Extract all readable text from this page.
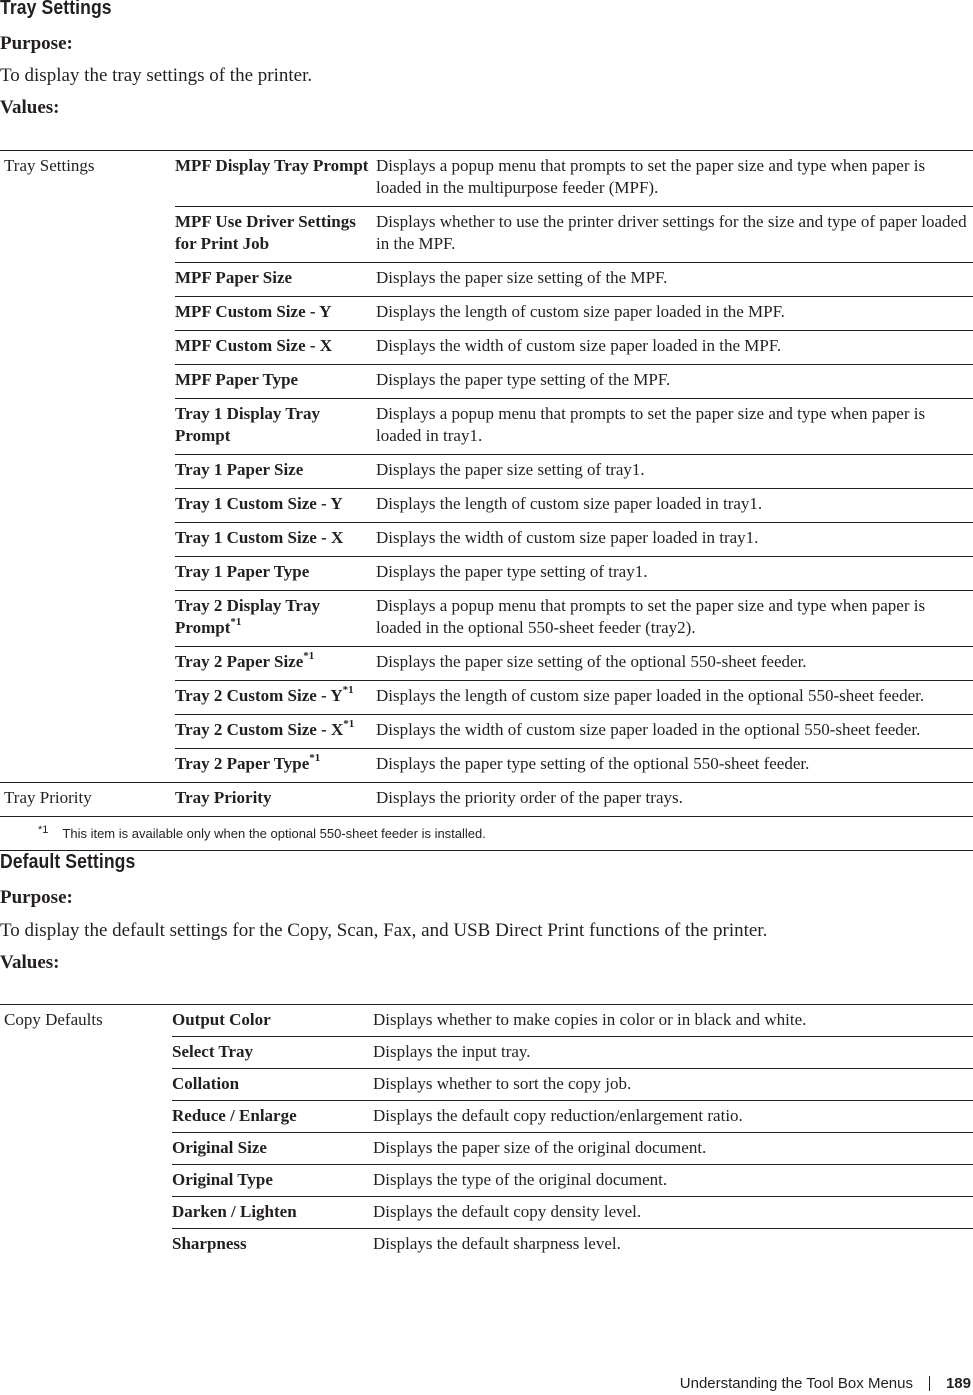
Tray Settings

Purpose:

To display the tray settings of the printer.

Values:

Tray Settings	MPF Display Tray Prompt	Displays a popup menu that prompts to set the paper size and type when paper is loaded in the multipurpose feeder (MPF).
	MPF Use Driver Settings for Print Job	Displays whether to use the printer driver settings for the size and type of paper loaded in the MPF.
	MPF Paper Size	Displays the paper size setting of the MPF.
	MPF Custom Size - Y	Displays the length of custom size paper loaded in the MPF.
	MPF Custom Size - X	Displays the width of custom size paper loaded in the MPF.
	MPF Paper Type	Displays the paper type setting of the MPF.
	Tray 1 Display Tray Prompt	Displays a popup menu that prompts to set the paper size and type when paper is loaded in tray1.
	Tray 1 Paper Size	Displays the paper size setting of tray1.
	Tray 1 Custom Size - Y	Displays the length of custom size paper loaded in tray1.
	Tray 1 Custom Size - X	Displays the width of custom size paper loaded in tray1.
	Tray 1 Paper Type	Displays the paper type setting of tray1.
	Tray 2 Display Tray Prompt$^{*1}$	Displays a popup menu that prompts to set the paper size and type when paper is loaded in the optional 550-sheet feeder (tray2).
	Tray 2 Paper Size$^{*1}$	Displays the paper size setting of the optional 550-sheet feeder.
	Tray 2 Custom Size - $Y^{*1}$	Displays the length of custom size paper loaded in the optional 550-sheet feeder.
	Tray 2 Custom Size - $X^{*1}$	Displays the width of custom size paper loaded in the optional 550-sheet feeder.
	Tray 2 Paper Type$^{*1}$	Displays the paper type setting of the optional 550-sheet feeder.
Tray Priority	Tray Priority	Displays the priority order of the paper trays.
$^{*1}$ This item is available only when the optional 550-sheet feeder is installed.		
Default Settings

Purpose:

To display the default settings for the Copy, Scan, Fax, and USB Direct Print functions of the printer.

Values:

Copy Defaults	Output Color	Displays whether to make copies in color or in black and white.
	Select Tray	Displays the input tray.
	Collation	Displays whether to sort the copy job.
	Reduce / Enlarge	Displays the default copy reduction/enlargement ratio.
	Original Size	Displays the paper size of the original document.
	Original Type	Displays the type of the original document.
	Darken / Lighten	Displays the default copy density level.
	Sharpness	Displays the default sharpness level.
Understanding the Tool Box Menus 189
